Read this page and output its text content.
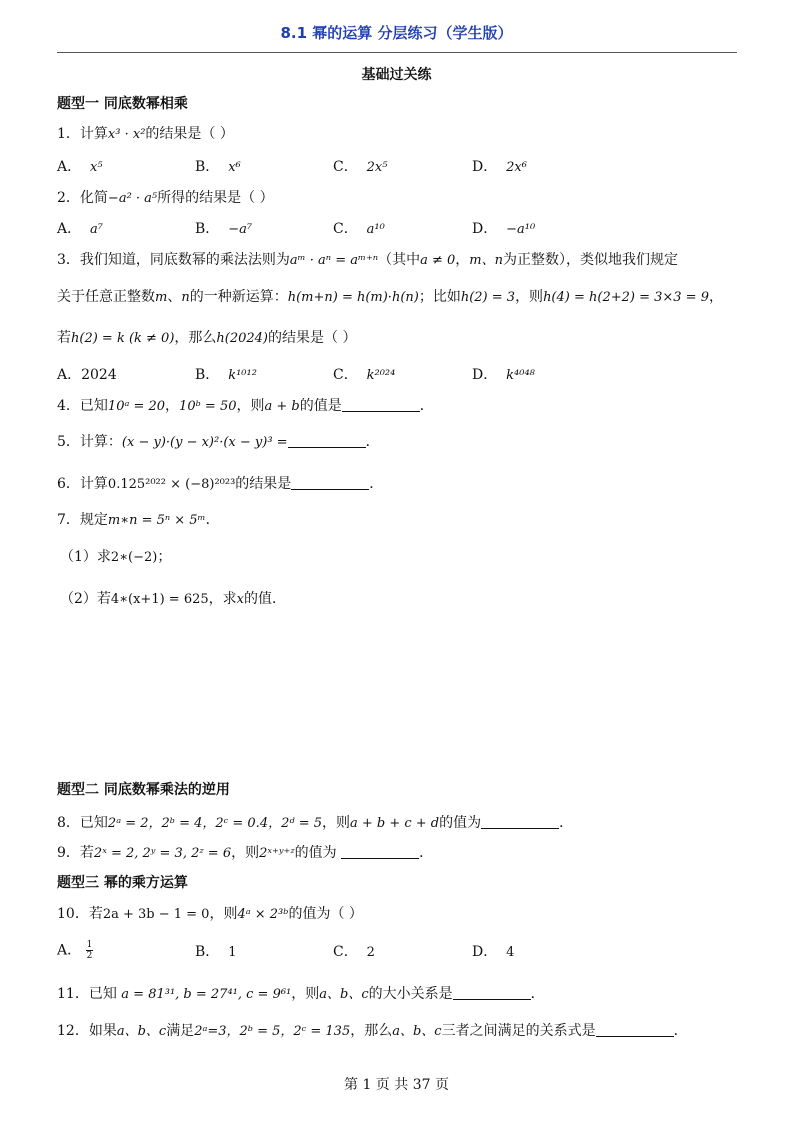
8.1 幂的运算 分层练习（学生版）
基础过关练
题型一 同底数幂相乘
1．计算x³ · x²的结果是（ ）
A． x⁵	B． x⁶	C． 2x⁵	D． 2x⁶
2．化简−a² · a⁵所得的结果是（ ）
A． a⁷	B． −a⁷	C． a¹⁰	D． −a¹⁰
3．我们知道，同底数幂的乘法法则为aᵐ · aⁿ = aᵐ⁺ⁿ（其中a ≠ 0，m、n为正整数），类似地我们规定
关于任意正整数m、n的一种新运算：h(m+n) = h(m)·h(n)；比如h(2) = 3，则h(4) = h(2+2) = 3×3 = 9，
若h(2) = k (k ≠ 0)，那么h(2024)的结果是（ ）
A．2024	B． k¹⁰¹²	C． k²⁰²⁴	D． k⁴⁰⁴⁸
4．已知10ᵃ = 20，10ᵇ = 50，则a + b的值是	．
5．计算：(x − y)·(y − x)²·(x − y)³ =	．
6．计算0.125²⁰²² × (−8)²⁰²³的结果是	．
7．规定m∗n = 5ⁿ × 5ᵐ．
（1）求2∗(−2)；
（2）若4∗(x+1) = 625，求x的值．
题型二 同底数幂乘法的逆用
8．已知2ᵃ = 2，2ᵇ = 4，2ᶜ = 0.4，2ᵈ = 5，则a + b + c + d的值为	．
9．若2ˣ = 2, 2ʸ = 3, 2ᶻ = 6，则2ˣ⁺ʸ⁺ᶻ的值为	．
题型三 幂的乘方运算
10．若2a + 3b − 1 = 0，则4ᵃ × 2³ᵇ的值为（ ）
A． $\frac{1}{2}$	B． 1	C． 2	D． 4
11．已知 a = 81³¹, b = 27⁴¹, c = 9⁶¹，则a、b、c的大小关系是	．
12．如果a、b、c满足2ᵃ=3，2ᵇ = 5，2ᶜ = 135，那么a、b、c三者之间满足的关系式是	．
第 1 页 共 37 页
